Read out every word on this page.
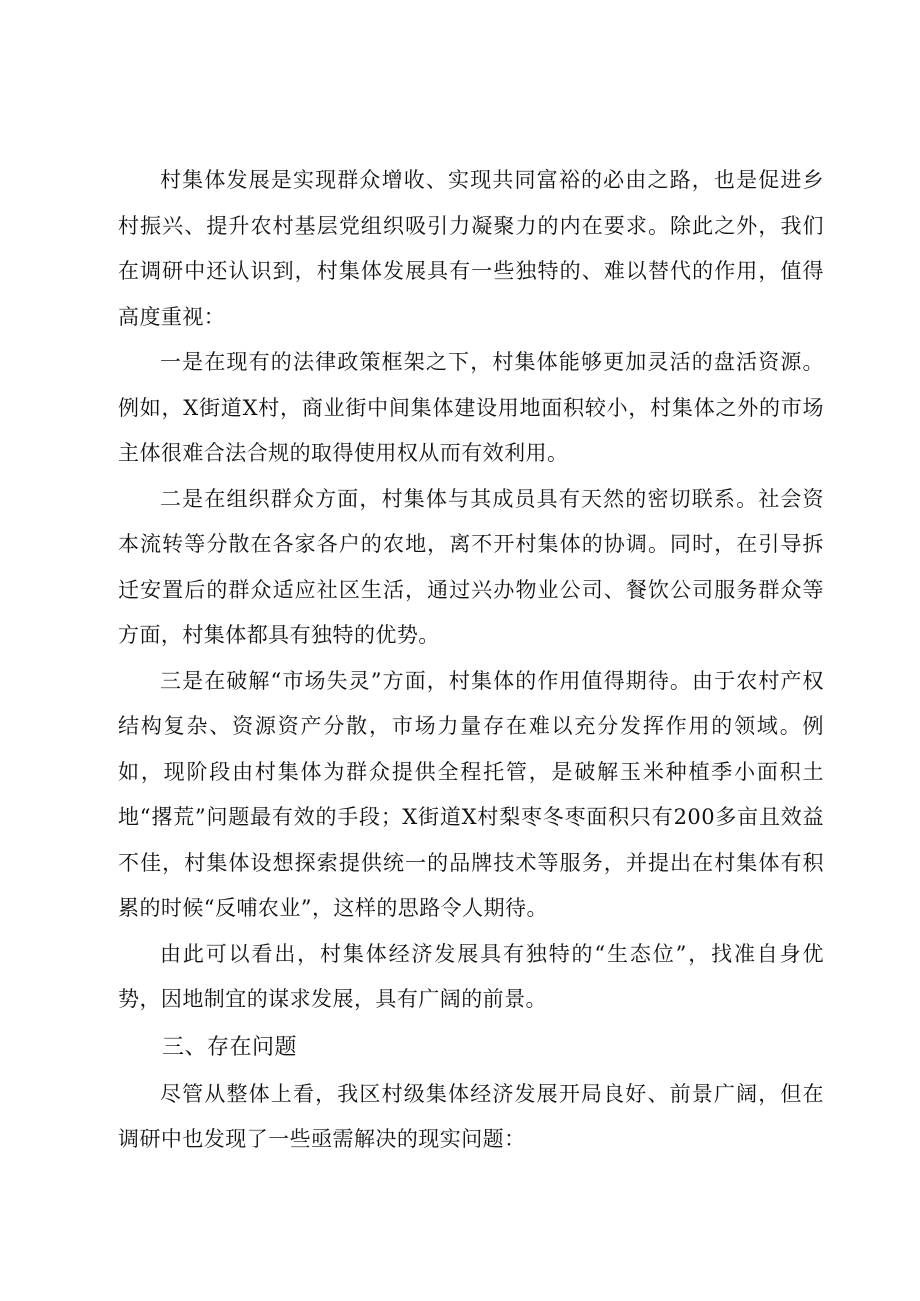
村集体发展是实现群众增收、实现共同富裕的必由之路，也是促进乡村振兴、提升农村基层党组织吸引力凝聚力的内在要求。除此之外，我们在调研中还认识到，村集体发展具有一些独特的、难以替代的作用，值得高度重视：

一是在现有的法律政策框架之下，村集体能够更加灵活的盘活资源。例如，X街道X村，商业街中间集体建设用地面积较小，村集体之外的市场主体很难合法合规的取得使用权从而有效利用。

二是在组织群众方面，村集体与其成员具有天然的密切联系。社会资本流转等分散在各家各户的农地，离不开村集体的协调。同时，在引导拆迁安置后的群众适应社区生活，通过兴办物业公司、餐饮公司服务群众等方面，村集体都具有独特的优势。

三是在破解“市场失灵”方面，村集体的作用值得期待。由于农村产权结构复杂、资源资产分散，市场力量存在难以充分发挥作用的领域。例如，现阶段由村集体为群众提供全程托管，是破解玉米种植季小面积土地“撂荒”问题最有效的手段；X街道X村梨枣冬枣面积只有200多亩且效益不佳，村集体设想探索提供统一的品牌技术等服务，并提出在村集体有积累的时候“反哺农业”，这样的思路令人期待。

由此可以看出，村集体经济发展具有独特的“生态位”，找准自身优势，因地制宜的谋求发展，具有广阔的前景。

三、存在问题

尽管从整体上看，我区村级集体经济发展开局良好、前景广阔，但在调研中也发现了一些亟需解决的现实问题：
